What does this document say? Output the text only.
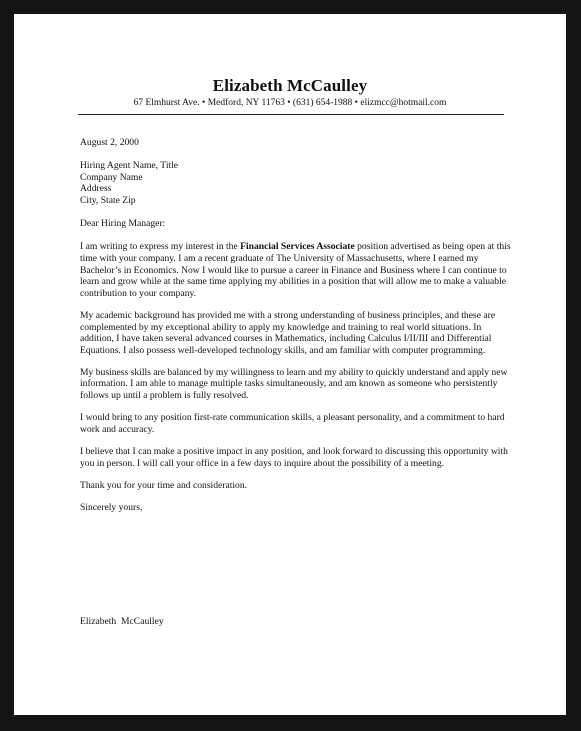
Elizabeth McCaulley
67 Elmhurst Ave. • Medford, NY 11763 • (631) 654-1988 • elizmcc@hotmail.com

August 2, 2000

Hiring Agent Name, Title
Company Name
Address
City, State Zip

Dear Hiring Manager:

I am writing to express my interest in the Financial Services Associate position advertised as being open at this time with your company. I am a recent graduate of The University of Massachusetts, where I earned my Bachelor’s in Economics. Now I would like to pursue a career in Finance and Business where I can continue to learn and grow while at the same time applying my abilities in a position that will allow me to make a valuable contribution to your company.

My academic background has provided me with a strong understanding of business principles, and these are complemented by my exceptional ability to apply my knowledge and training to real world situations. In addition, I have taken several advanced courses in Mathematics, including Calculus I/II/III and Differential Equations. I also possess well-developed technology skills, and am familiar with computer programming.

My business skills are balanced by my willingness to learn and my ability to quickly understand and apply new information. I am able to manage multiple tasks simultaneously, and am known as someone who persistently follows up until a problem is fully resolved.

I would bring to any position first-rate communication skills, a pleasant personality, and a commitment to hard work and accuracy.

I believe that I can make a positive impact in any position, and look forward to discussing this opportunity with you in person. I will call your office in a few days to inquire about the possibility of a meeting.

Thank you for your time and consideration.

Sincerely yours,

Elizabeth  McCaulley
